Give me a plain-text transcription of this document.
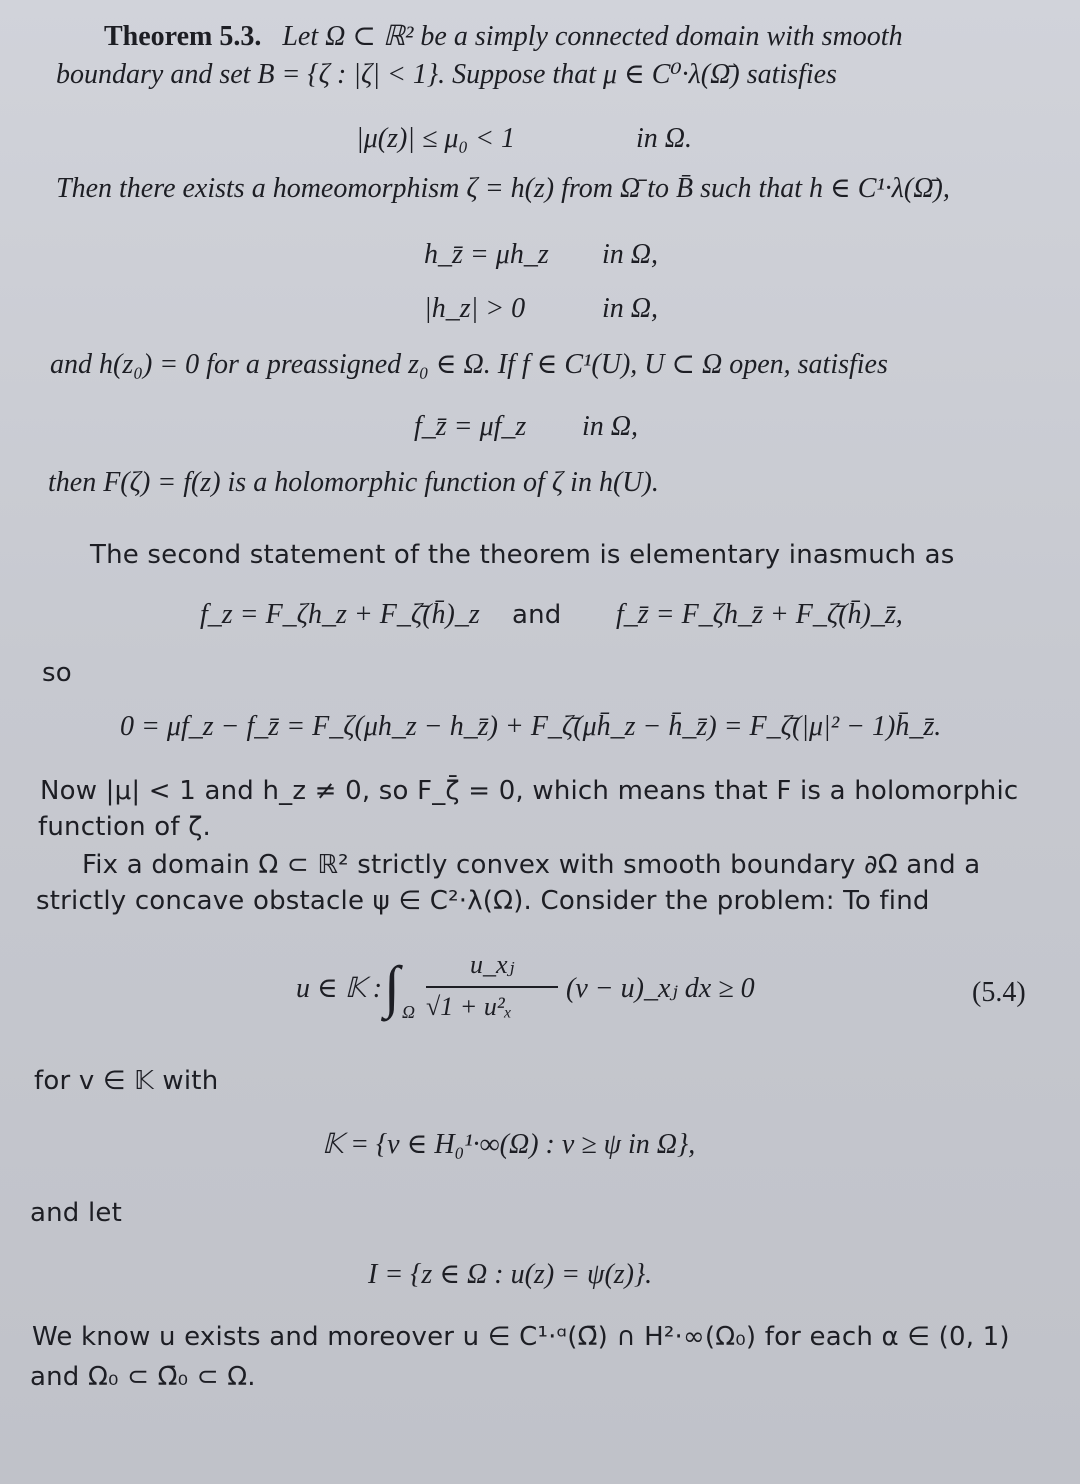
Theorem 5.3. Let Ω ⊂ ℝ² be a simply connected domain with smooth
boundary and set B = {ζ : |ζ| < 1}. Suppose that μ ∈ C⁰·λ(Ω̄) satisfies
|μ(z)| ≤ μ₀ < 1	in Ω.
Then there exists a homeomorphism ζ = h(z) from Ω̄ to B̄ such that h ∈ C¹·λ(Ω̄),
h_z̄ = μh_z in Ω,
|h_z| > 0	in Ω,
and h(z₀) = 0 for a preassigned z₀ ∈ Ω. If f ∈ C¹(U), U ⊂ Ω open, satisfies
f_z̄ = μf_z in Ω,
then F(ζ) = f(z) is a holomorphic function of ζ in h(U).
The second statement of the theorem is elementary inasmuch as
f_z = F_ζh_z + F_ζ̄(h̄)_z and f_z̄ = F_ζh_z̄ + F_ζ̄(h̄)_z̄,
so
0 = μf_z − f_z̄ = F_ζ(μh_z − h_z̄) + F_ζ̄(μh̄_z − h̄_z̄) = F_ζ̄(|μ|² − 1)h̄_z̄.
Now |μ| < 1 and h_z ≠ 0, so F_ζ̄ = 0, which means that F is a holomorphic
function of ζ.
Fix a domain Ω ⊂ ℝ² strictly convex with smooth boundary ∂Ω and a
strictly concave obstacle ψ ∈ C²·λ(Ω). Consider the problem: To find
u ∈ 𝕂 : ∫ Ω
u_xⱼ
√1 + u²ₓ
(v − u)_xⱼ dx ≥ 0	(5.4)
for v ∈ 𝕂 with
𝕂 = {v ∈ H₀¹·∞(Ω) : v ≥ ψ in Ω},
and let
I = {z ∈ Ω : u(z) = ψ(z)}.
We know u exists and moreover u ∈ C¹·ᵅ(Ω̄) ∩ H²·∞(Ω₀) for each α ∈ (0, 1)
and Ω₀ ⊂ Ω̄₀ ⊂ Ω.
